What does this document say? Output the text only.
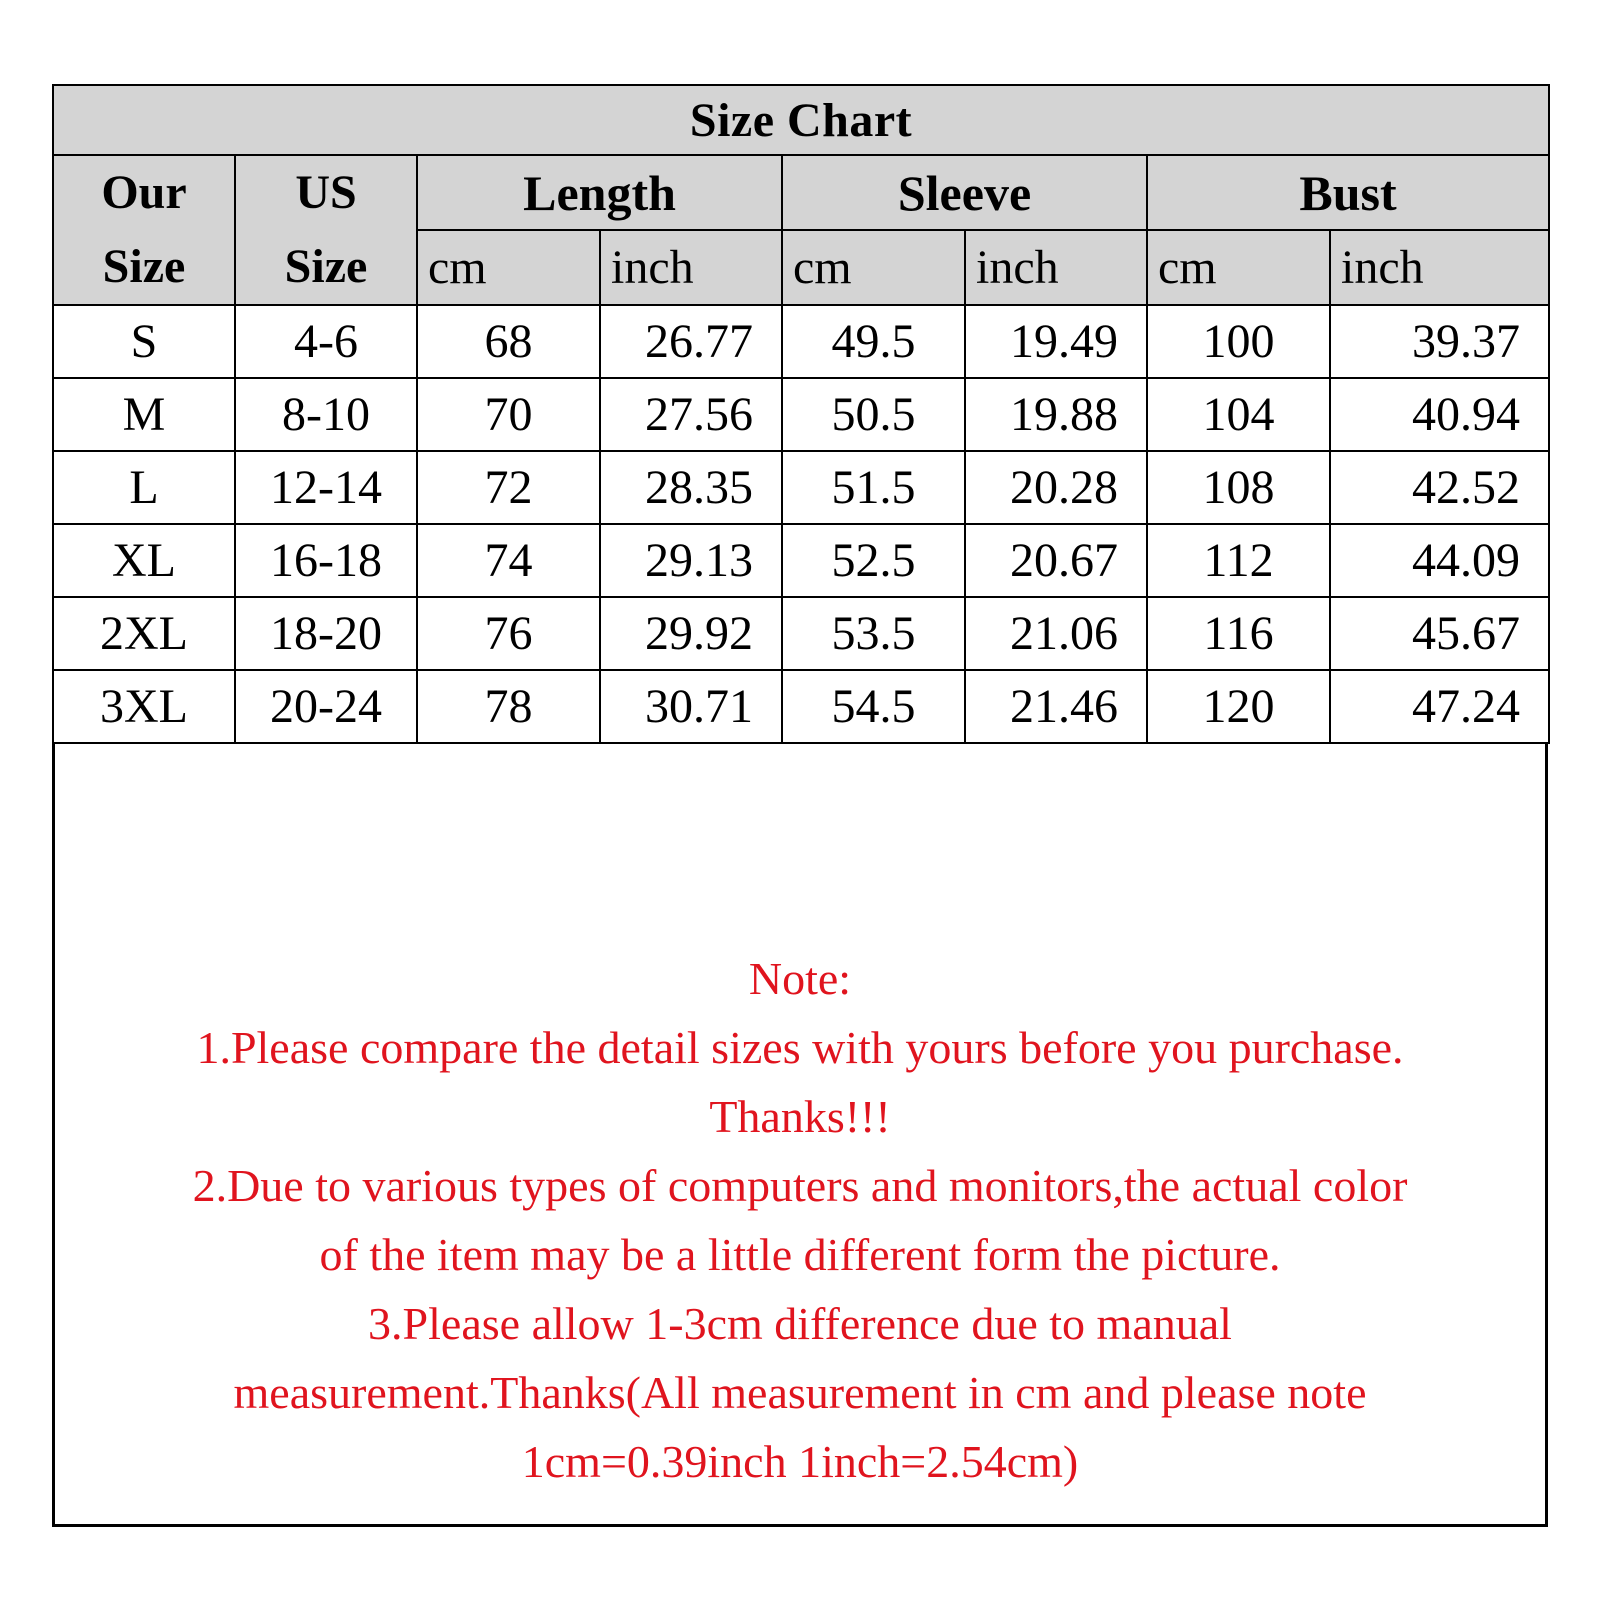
Size Chart							
Our
Size	US
Size	Length		Sleeve		Bust	
		cm	inch	cm	inch	cm	inch
S	4-6	68	26.77	49.5	19.49	100	39.37
M	8-10	70	27.56	50.5	19.88	104	40.94
L	12-14	72	28.35	51.5	20.28	108	42.52
XL	16-18	74	29.13	52.5	20.67	112	44.09
2XL	18-20	76	29.92	53.5	21.06	116	45.67
3XL	20-24	78	30.71	54.5	21.46	120	47.24
Note:
1.Please compare the detail sizes with yours before you purchase.
Thanks!!!
2.Due to various types of computers and monitors,the actual color
of the item may be a little different form the picture.
3.Please allow 1-3cm difference due to manual
measurement.Thanks(All measurement in cm and please note
1cm=0.39inch 1inch=2.54cm)
